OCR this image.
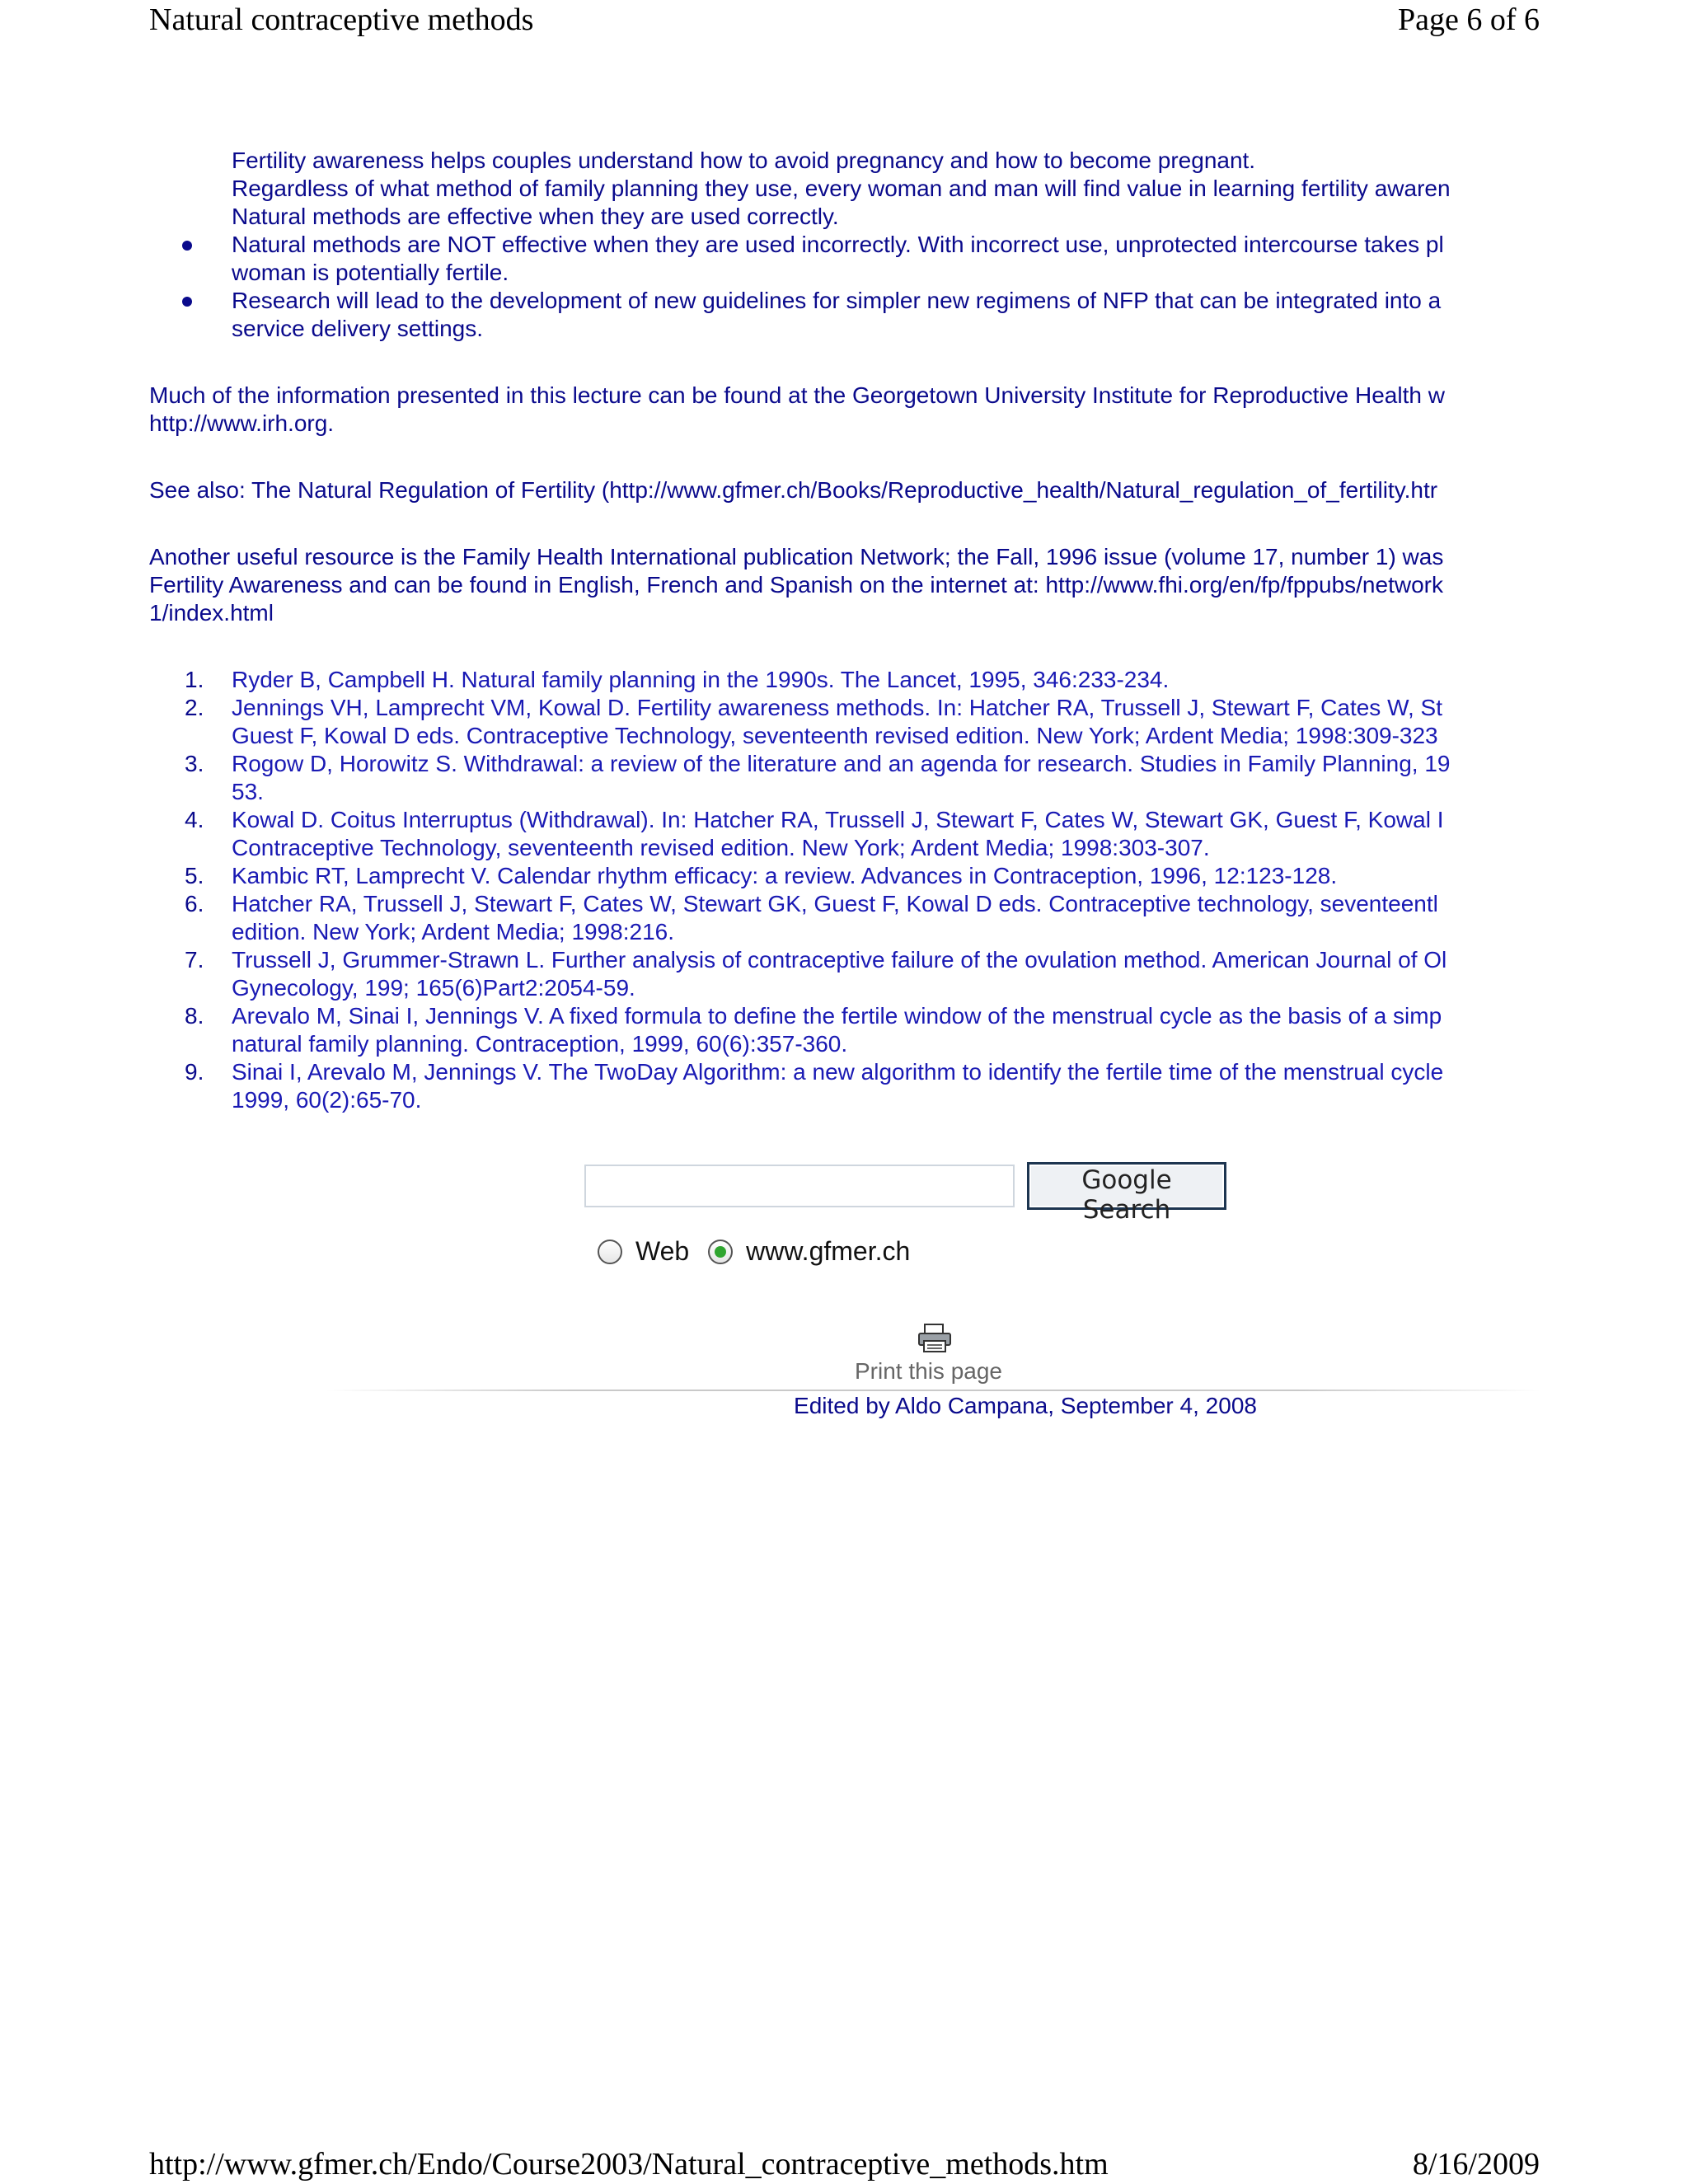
Natural contraceptive methods	Page 6 of 6
Fertility awareness helps couples understand how to avoid pregnancy and how to become pregnant.
Regardless of what method of family planning they use, every woman and man will find value in learning fertility awaren
Natural methods are effective when they are used correctly.
Natural methods are NOT effective when they are used incorrectly. With incorrect use, unprotected intercourse takes pl
woman is potentially fertile.
Research will lead to the development of new guidelines for simpler new regimens of NFP that can be integrated into a
service delivery settings.

Much of the information presented in this lecture can be found at the Georgetown University Institute for Reproductive Health w
http://www.irh.org.

See also: The Natural Regulation of Fertility (http://www.gfmer.ch/Books/Reproductive_health/Natural_regulation_of_fertility.htr

Another useful resource is the Family Health International publication Network; the Fall, 1996 issue (volume 17, number 1) was
Fertility Awareness and can be found in English, French and Spanish on the internet at: http://www.fhi.org/en/fp/fppubs/network
1/index.html

1. Ryder B, Campbell H. Natural family planning in the 1990s. The Lancet, 1995, 346:233-234.
2. Jennings VH, Lamprecht VM, Kowal D. Fertility awareness methods. In: Hatcher RA, Trussell J, Stewart F, Cates W, St
Guest F, Kowal D eds. Contraceptive Technology, seventeenth revised edition. New York; Ardent Media; 1998:309-323
3. Rogow D, Horowitz S. Withdrawal: a review of the literature and an agenda for research. Studies in Family Planning, 19
53.
4. Kowal D. Coitus Interruptus (Withdrawal). In: Hatcher RA, Trussell J, Stewart F, Cates W, Stewart GK, Guest F, Kowal I
Contraceptive Technology, seventeenth revised edition. New York; Ardent Media; 1998:303-307.
5. Kambic RT, Lamprecht V. Calendar rhythm efficacy: a review. Advances in Contraception, 1996, 12:123-128.
6. Hatcher RA, Trussell J, Stewart F, Cates W, Stewart GK, Guest F, Kowal D eds. Contraceptive technology, seventeentl
edition. New York; Ardent Media; 1998:216.
7. Trussell J, Grummer-Strawn L. Further analysis of contraceptive failure of the ovulation method. American Journal of Ol
Gynecology, 199; 165(6)Part2:2054-59.
8. Arevalo M, Sinai I, Jennings V. A fixed formula to define the fertile window of the menstrual cycle as the basis of a simp
natural family planning. Contraception, 1999, 60(6):357-360.
9. Sinai I, Arevalo M, Jennings V. The TwoDay Algorithm: a new algorithm to identify the fertile time of the menstrual cycle
1999, 60(2):65-70.
Google Search
Web www.gfmer.ch
Print this page
Edited by Aldo Campana, September 4, 2008
http://www.gfmer.ch/Endo/Course2003/Natural_contraceptive_methods.htm	8/16/2009
